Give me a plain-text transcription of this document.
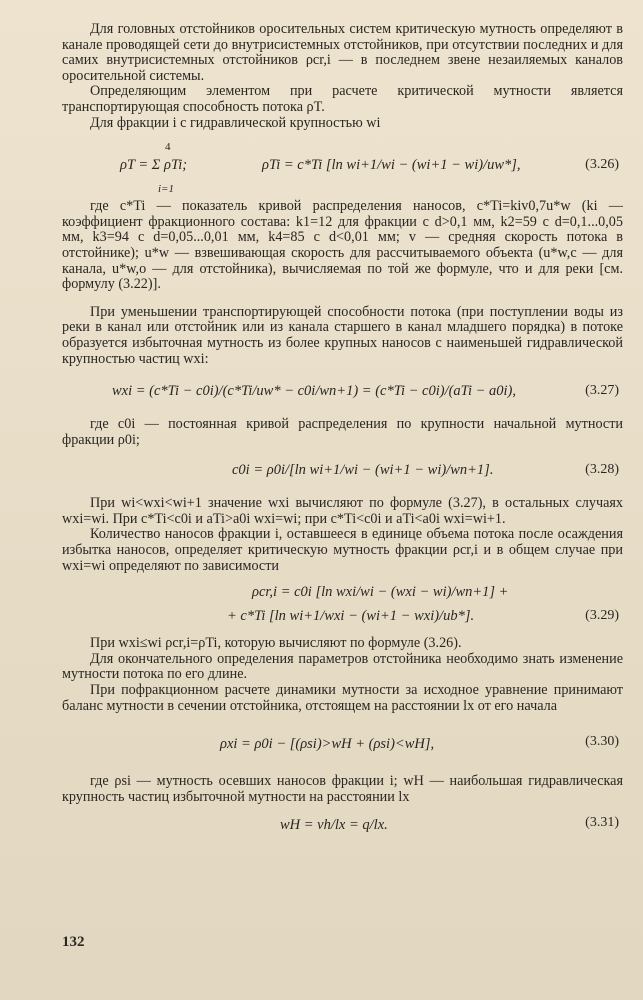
Для головных отстойников оросительных систем критическую мутность определяют в канале проводящей сети до внутрисистемных отстойников, при отсутствии последних и для самих внутрисистемных отстойников ρcr,i — в последнем звене незаиляемых каналов оросительной системы.

Определяющим элементом при расчете критической мутности является транспортирующая способность потока ρT.

Для фракции i с гидравлической крупностью wi

ρT = Σ ρTi;
4
i=1
ρTi = c*Ti [ln wi+1/wi − (wi+1 − wi)/uw*],	(3.26)

где c*Ti — показатель кривой распределения наносов, c*Ti=kiv0,7u*w (ki — коэффициент фракционного состава: k1=12 для фракции с d>0,1 мм, k2=59 с d=0,1...0,05 мм, k3=94 с d=0,05...0,01 мм, k4=85 с d<0,01 мм; v — средняя скорость потока в отстойнике); u*w — взвешивающая скорость для рассчитываемого объекта (u*w,c — для канала, u*w,o — для отстойника), вычисляемая по той же формуле, что и для реки [см. формулу (3.22)].

При уменьшении транспортирующей способности потока (при поступлении воды из реки в канал или отстойник или из канала старшего в канал младшего порядка) в потоке образуется избыточная мутность из более крупных наносов с наименьшей гидравлической крупностью частиц wxi:

wxi = (c*Ti − c0i)/(c*Ti/uw* − c0i/wn+1) = (c*Ti − c0i)/(aTi − a0i),	(3.27)

где c0i — постоянная кривой распределения по крупности начальной мутности фракции ρ0i;

c0i = ρ0i/[ln wi+1/wi − (wi+1 − wi)/wn+1].	(3.28)

При wi<wxi<wi+1 значение wxi вычисляют по формуле (3.27), в остальных случаях wxi=wi. При c*Ti<c0i и aTi>a0i wxi=wi; при c*Ti<c0i и aTi<a0i wxi=wi+1.

Количество наносов фракции i, оставшееся в единице объема потока после осаждения избытка наносов, определяет критическую мутность фракции ρcr,i и в общем случае при wxi=wi определяют по зависимости

ρcr,i = c0i [ln wxi/wi − (wxi − wi)/wn+1] +
+ c*Ti [ln wi+1/wxi − (wi+1 − wxi)/ub*].	(3.29)

При wxi≤wi ρcr,i=ρTi, которую вычисляют по формуле (3.26).

Для окончательного определения параметров отстойника необходимо знать изменение мутности потока по его длине.

При пофракционном расчете динамики мутности за исходное уравнение принимают баланс мутности в сечении отстойника, отстоящем на расстоянии lx от его начала

ρxi = ρ0i − [(ρsi)>wH + (ρsi)<wH],	(3.30)

где ρsi — мутность осевших наносов фракции i; wH — наибольшая гидравлическая крупность частиц избыточной мутности на расстоянии lx

wH = vh/lx = q/lx.	(3.31)
132
